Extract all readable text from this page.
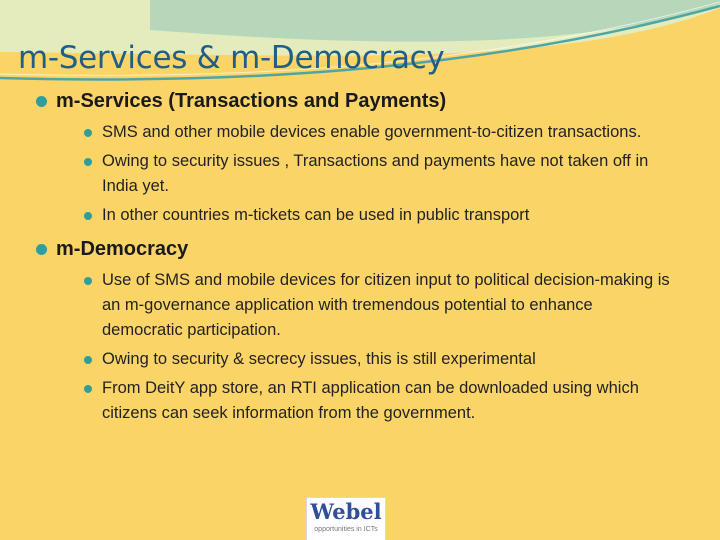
m-Services & m-Democracy
m-Services (Transactions and Payments)
SMS and other mobile devices enable government-to-citizen transactions.
Owing to security issues , Transactions and payments have not taken off in India yet.
In other countries m-tickets can be used in public transport
m-Democracy
Use of SMS and mobile devices for citizen input to political decision-making is an m-governance application with tremendous potential to enhance democratic participation.
Owing to security & secrecy issues, this is still experimental
From DeitY app store, an RTI application can be downloaded using which citizens can seek information from the government.
Webel
opportunities in ICTs
